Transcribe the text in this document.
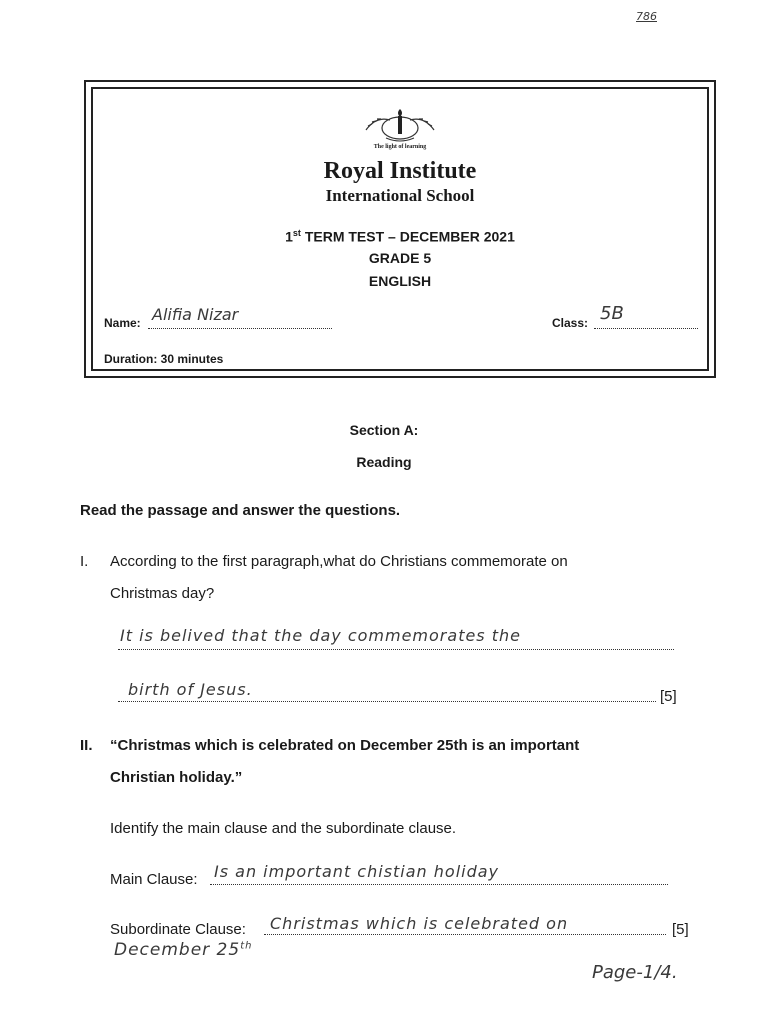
786
The light of learning
Royal Institute
International School
1st TERM TEST – DECEMBER 2021
GRADE 5
ENGLISH
Name: Alifia Nizar	Class: 5B
Duration: 30 minutes
Section A:
Reading
Read the passage and answer the questions.
I. According to the first paragraph,what do Christians commemorate on
Christmas day?
It is belived that the day commemorates the
birth of Jesus.	[5]
II. “Christmas which is celebrated on December 25th is an important
Christian holiday.”
Identify the main clause and the subordinate clause.
Main Clause: Is an important chistian holiday
Subordinate Clause: Christmas which is celebrated on	[5]
December 25th
Page-1/4.
